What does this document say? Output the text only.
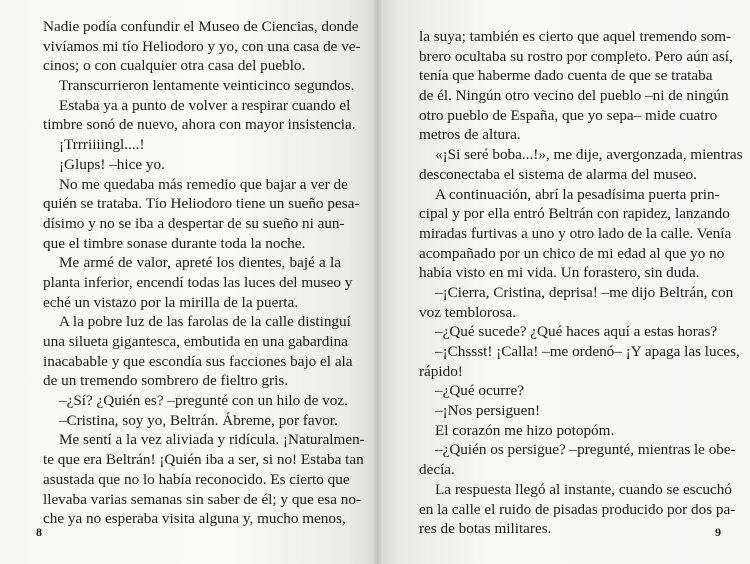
Nadie podía confundir el Museo de Ciencias, donde
vivíamos mi tío Heliodoro y yo, con una casa de ve-
cinos; o con cualquier otra casa del pueblo.
Transcurrieron lentamente veinticinco segundos.
Estaba ya a punto de volver a respirar cuando el
timbre sonó de nuevo, ahora con mayor insistencia.
¡Trrriiiingl....!
¡Glups! –hice yo.
No me quedaba más remedio que bajar a ver de
quién se trataba. Tío Heliodoro tiene un sueño pesa-
dísimo y no se iba a despertar de su sueño ni aun-
que el timbre sonase durante toda la noche.
Me armé de valor, apreté los dientes, bajé a la
planta inferior, encendí todas las luces del museo y
eché un vistazo por la mirilla de la puerta.
A la pobre luz de las farolas de la calle distinguí
una silueta gigantesca, embutida en una gabardina
inacabable y que escondía sus facciones bajo el ala
de un tremendo sombrero de fieltro gris.
–¿Sí? ¿Quién es? –pregunté con un hilo de voz.
–Cristina, soy yo, Beltrán. Ábreme, por favor.
Me sentí a la vez aliviada y ridícula. ¡Naturalmen-
te que era Beltrán! ¡Quién iba a ser, si no! Estaba tan
asustada que no lo había reconocido. Es cierto que
llevaba varias semanas sin saber de él; y que esa no-
che ya no esperaba visita alguna y, mucho menos,
8
la suya; también es cierto que aquel tremendo som-
brero ocultaba su rostro por completo. Pero aún así,
tenía que haberme dado cuenta de que se trataba
de él. Ningún otro vecino del pueblo –ni de ningún
otro pueblo de España, que yo sepa– mide cuatro
metros de altura.
«¡Si seré boba...!», me dije, avergonzada, mientras
desconectaba el sistema de alarma del museo.
A continuación, abrí la pesadísima puerta prin-
cipal y por ella entró Beltrán con rapidez, lanzando
miradas furtivas a uno y otro lado de la calle. Venía
acompañado por un chico de mi edad al que yo no
había visto en mi vida. Un forastero, sin duda.
–¡Cierra, Cristina, deprisa! –me dijo Beltrán, con
voz temblorosa.
–¿Qué sucede? ¿Qué haces aquí a estas horas?
–¡Chssst! ¡Calla! –me ordenó– ¡Y apaga las luces,
rápido!
–¿Qué ocurre?
–¡Nos persiguen!
El corazón me hizo potopóm.
–¿Quién os persigue? –pregunté, mientras le obe-
decía.
La respuesta llegó al instante, cuando se escuchó
en la calle el ruido de pisadas producido por dos pa-
res de botas militares.	9
